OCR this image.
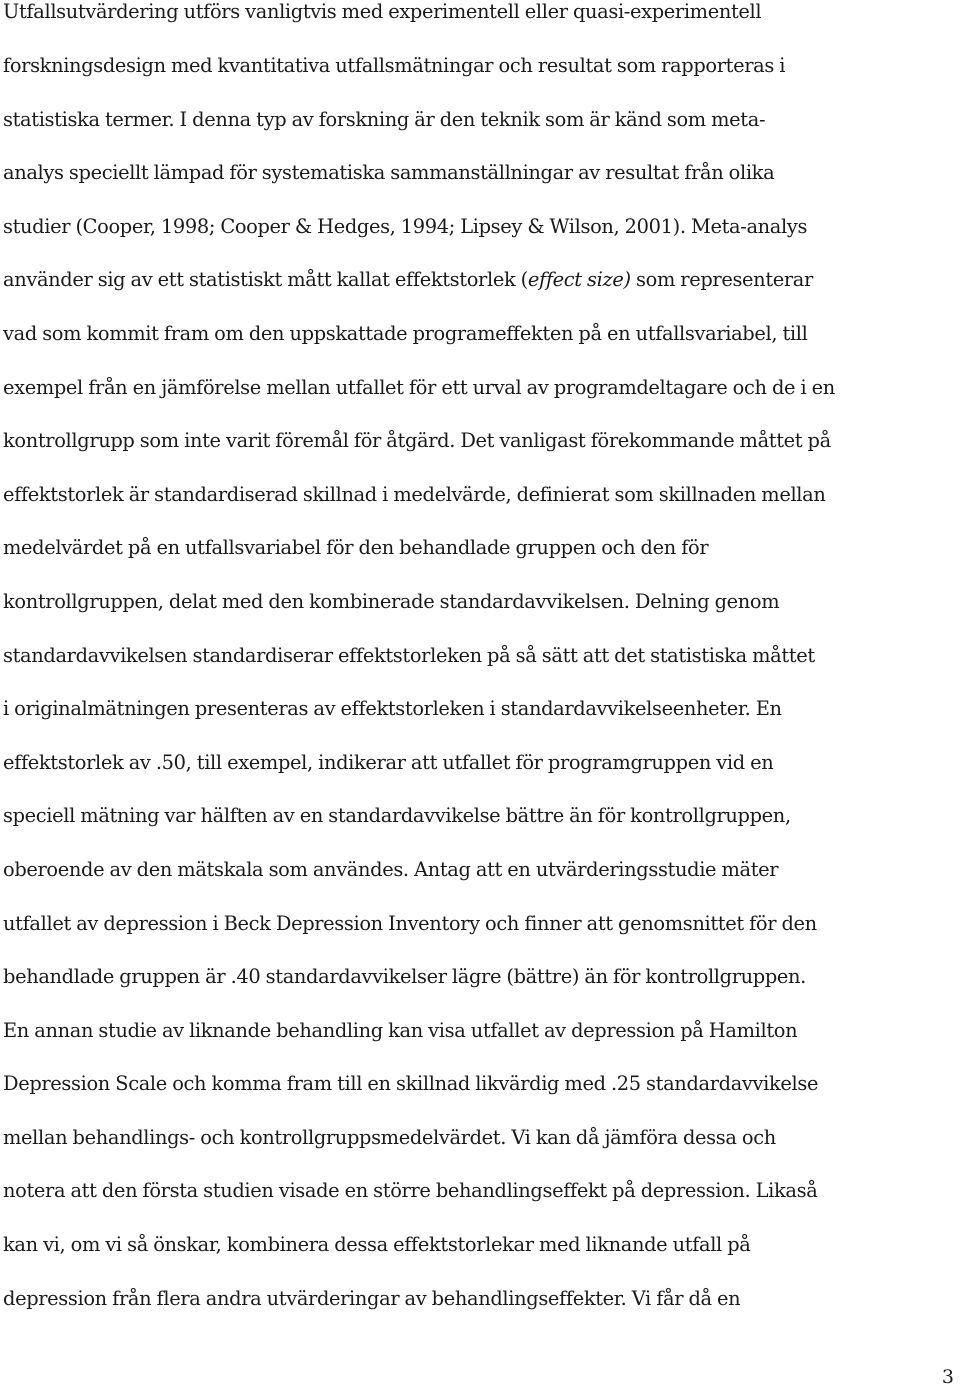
Utfallsutvärdering utförs vanligtvis med experimentell eller quasi-experimentell
forskningsdesign med kvantitativa utfallsmätningar och resultat som rapporteras i
statistiska termer. I denna typ av forskning är den teknik som är känd som meta-
analys speciellt lämpad för systematiska sammanställningar av resultat från olika
studier (Cooper, 1998; Cooper & Hedges, 1994; Lipsey & Wilson, 2001). Meta-analys
använder sig av ett statistiskt mått kallat effektstorlek (effect size) som representerar
vad som kommit fram om den uppskattade programeffekten på en utfallsvariabel, till
exempel från en jämförelse mellan utfallet för ett urval av programdeltagare och de i en
kontrollgrupp som inte varit föremål för åtgärd. Det vanligast förekommande måttet på
effektstorlek är standardiserad skillnad i medelvärde, definierat som skillnaden mellan
medelvärdet på en utfallsvariabel för den behandlade gruppen och den för
kontrollgruppen, delat med den kombinerade standardavvikelsen. Delning genom
standardavvikelsen standardiserar effektstorleken på så sätt att det statistiska måttet
i originalmätningen presenteras av effektstorleken i standardavvikelseenheter. En
effektstorlek av .50, till exempel, indikerar att utfallet för programgruppen vid en
speciell mätning var hälften av en standardavvikelse bättre än för kontrollgruppen,
oberoende av den mätskala som användes. Antag att en utvärderingsstudie mäter
utfallet av depression i Beck Depression Inventory och finner att genomsnittet för den
behandlade gruppen är .40 standardavvikelser lägre (bättre) än för kontrollgruppen.
En annan studie av liknande behandling kan visa utfallet av depression på Hamilton
Depression Scale och komma fram till en skillnad likvärdig med .25 standardavvikelse
mellan behandlings- och kontrollgruppsmedelvärdet. Vi kan då jämföra dessa och
notera att den första studien visade en större behandlingseffekt på depression. Likaså
kan vi, om vi så önskar, kombinera dessa effektstorlekar med liknande utfall på
depression från flera andra utvärderingar av behandlingseffekter. Vi får då en
3
